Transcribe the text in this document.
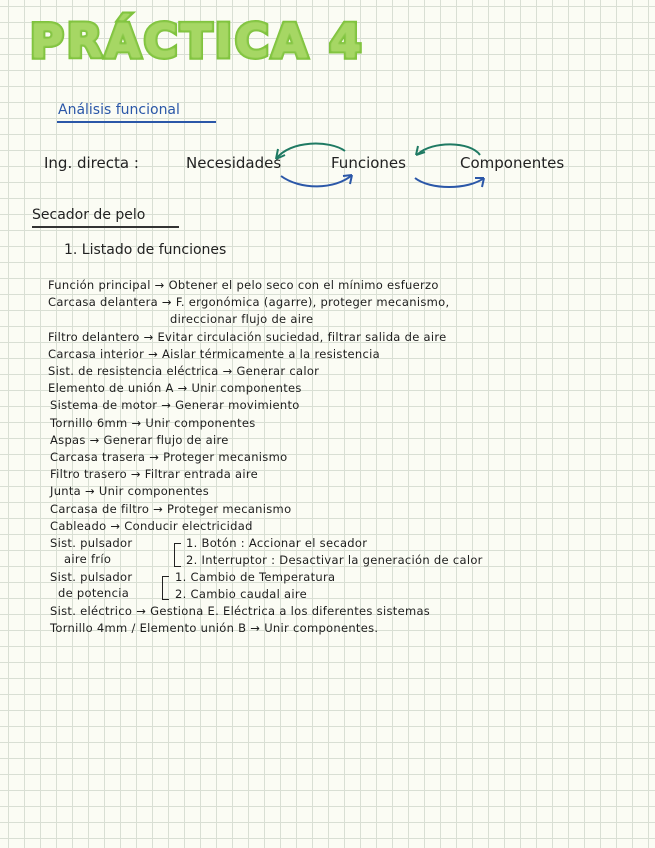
PRÁCTICA 4
Análisis funcional
Ing. directa :	Necesidades	Funciones	Componentes
Secador de pelo
1. Listado de funciones
Función principal → Obtener el pelo seco con el mínimo esfuerzo
Carcasa delantera → F. ergonómica (agarre), proteger mecanismo,
direccionar flujo de aire
Filtro delantero → Evitar circulación suciedad, filtrar salida de aire
Carcasa interior → Aislar térmicamente a la resistencia
Sist. de resistencia eléctrica → Generar calor
Elemento de unión A → Unir componentes
Sistema de motor → Generar movimiento
Tornillo 6mm → Unir componentes
Aspas → Generar flujo de aire
Carcasa trasera → Proteger mecanismo
Filtro trasero → Filtrar entrada aire
Junta → Unir componentes
Carcasa de filtro → Proteger mecanismo
Cableado → Conducir electricidad
Sist. pulsador
aire frío
1. Botón : Accionar el secador
2. Interruptor : Desactivar la generación de calor
Sist. pulsador
de potencia
1. Cambio de Temperatura
2. Cambio caudal aire
Sist. eléctrico → Gestiona E. Eléctrica a los diferentes sistemas
Tornillo 4mm / Elemento unión B → Unir componentes.
